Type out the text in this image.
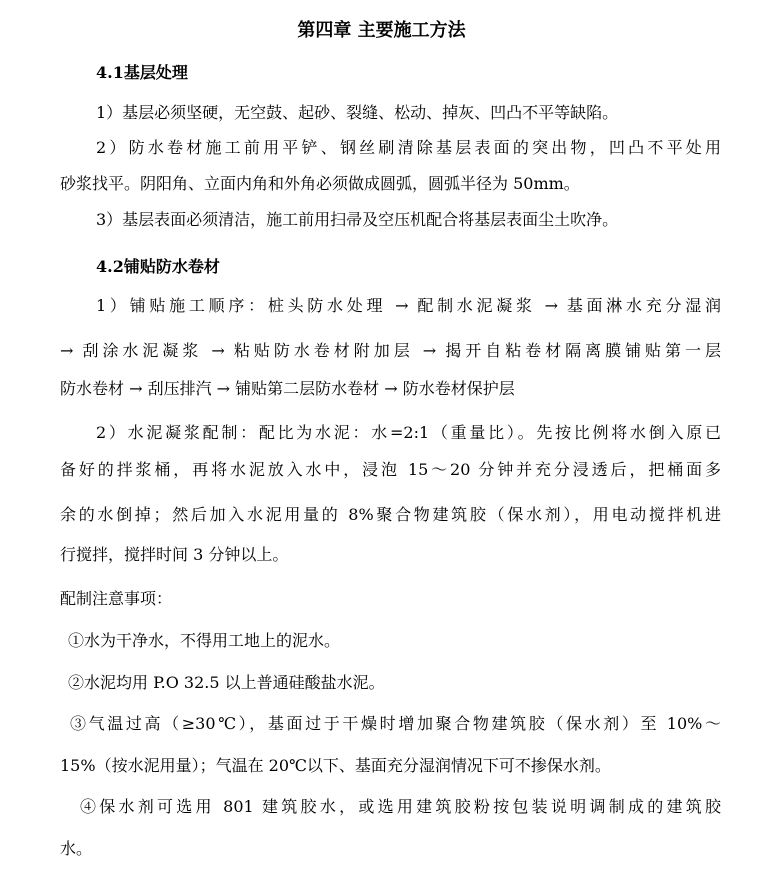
第四章 主要施工方法
4.1基层处理
1）基层必须坚硬，无空鼓、起砂、裂缝、松动、掉灰、凹凸不平等缺陷。
2）防水卷材施工前用平铲、钢丝刷清除基层表面的突出物，凹凸不平处用
砂浆找平。阴阳角、立面内角和外角必须做成圆弧，圆弧半径为 50mm。
3）基层表面必须清洁，施工前用扫帚及空压机配合将基层表面尘土吹净。
4.2铺贴防水卷材
1）铺贴施工顺序：桩头防水处理 → 配制水泥凝浆 → 基面淋水充分湿润
→ 刮涂水泥凝浆 → 粘贴防水卷材附加层 → 揭开自粘卷材隔离膜铺贴第一层
防水卷材 → 刮压排汽 → 铺贴第二层防水卷材 → 防水卷材保护层
2）水泥凝浆配制：配比为水泥：水=2:1（重量比）。先按比例将水倒入原已
备好的拌浆桶，再将水泥放入水中，浸泡 15～20 分钟并充分浸透后，把桶面多
余的水倒掉；然后加入水泥用量的 8%聚合物建筑胶（保水剂），用电动搅拌机进
行搅拌，搅拌时间 3 分钟以上。
配制注意事项：
①水为干净水，不得用工地上的泥水。
②水泥均用 P.O 32.5 以上普通硅酸盐水泥。
③气温过高（≥30℃），基面过于干燥时增加聚合物建筑胶（保水剂）至 10%～
15%（按水泥用量）；气温在 20℃以下、基面充分湿润情况下可不掺保水剂。
④保水剂可选用 801 建筑胶水，或选用建筑胶粉按包装说明调制成的建筑胶
水。
